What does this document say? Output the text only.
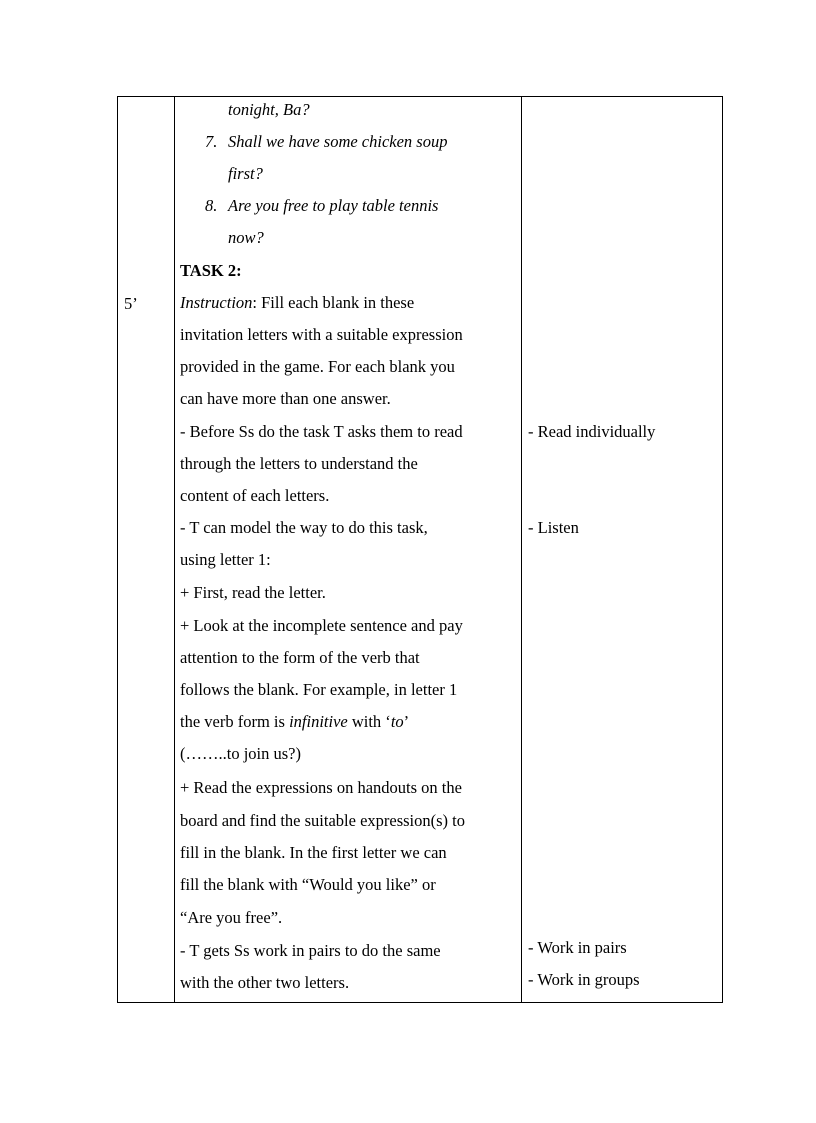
5’
tonight, Ba?
7. Shall we have some chicken soup
first?
8. Are you free to play table tennis
now?
TASK 2:
Instruction: Fill each blank in these
invitation letters with a suitable expression
provided in the game. For each blank you
can have more than one answer.
- Before Ss do the task T asks them to read
through the letters to understand the
content of each letters.
- T can model the way to do this task,
using letter 1:
+ First, read the letter.
+ Look at the incomplete sentence and pay
attention to the form of the verb that
follows the blank. For example, in letter 1
the verb form is infinitive with ‘to’
(……..to join us?)
+ Read the expressions on handouts on the
board and find the suitable expression(s) to
fill in the blank. In the first letter we can
fill the blank with “Would you like” or
“Are you free”.
- T gets Ss work in pairs to do the same
with the other two letters.
- Read individually
- Listen
- Work in pairs
- Work in groups
